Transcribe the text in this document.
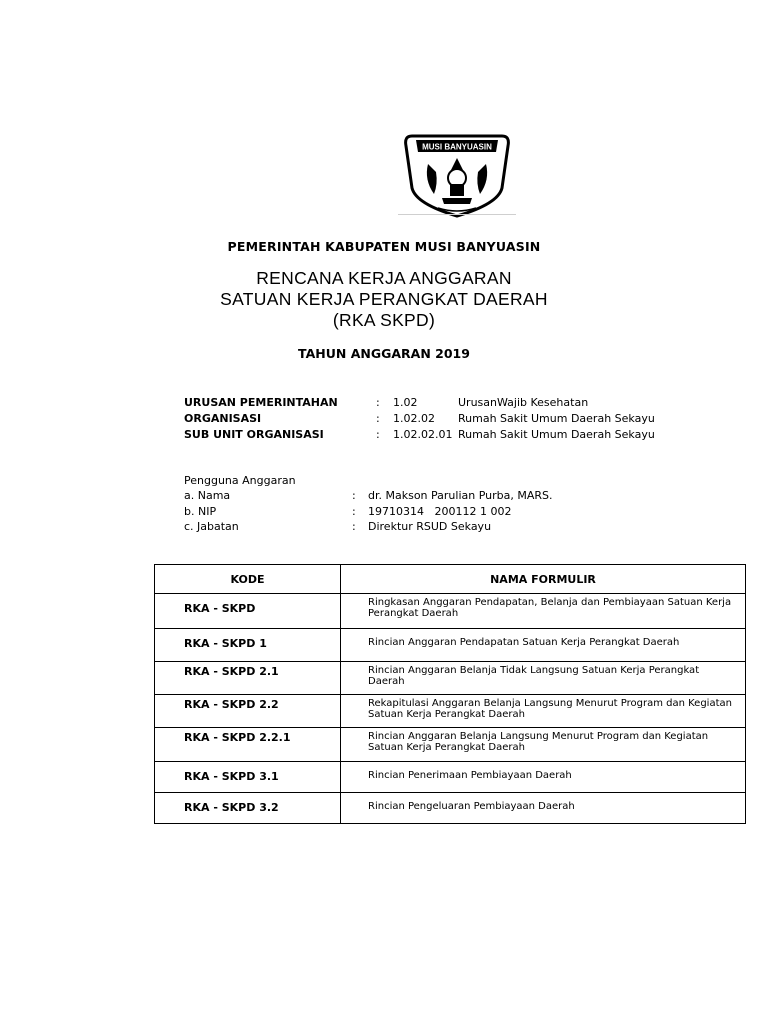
MUSI BANYUASIN
PEMERINTAH KABUPATEN MUSI BANYUASIN
RENCANA KERJA ANGGARAN
SATUAN KERJA PERANGKAT DAERAH
(RKA SKPD)
TAHUN ANGGARAN 2019
URUSAN PEMERINTAHAN	: 1.02	UrusanWajib Kesehatan
ORGANISASI	: 1.02.02 Rumah Sakit Umum Daerah Sekayu
SUB UNIT ORGANISASI	: 1.02.02.01 Rumah Sakit Umum Daerah Sekayu
Pengguna Anggaran
a. Nama	: dr. Makson Parulian Purba, MARS.
b. NIP	: 19710314   200112 1 002
c. Jabatan	: Direktur RSUD Sekayu
KODE	NAMA FORMULIR
RKA - SKPD	Ringkasan Anggaran Pendapatan, Belanja dan Pembiayaan Satuan Kerja Perangkat Daerah
RKA - SKPD 1	Rincian Anggaran Pendapatan Satuan Kerja Perangkat Daerah
RKA - SKPD 2.1	Rincian Anggaran Belanja Tidak Langsung Satuan Kerja Perangkat Daerah
RKA - SKPD 2.2	Rekapitulasi Anggaran Belanja Langsung Menurut Program dan Kegiatan Satuan Kerja Perangkat Daerah
RKA - SKPD 2.2.1	Rincian Anggaran Belanja Langsung Menurut Program dan Kegiatan Satuan Kerja Perangkat Daerah
RKA - SKPD 3.1	Rincian Penerimaan Pembiayaan Daerah
RKA - SKPD 3.2	Rincian Pengeluaran Pembiayaan Daerah
